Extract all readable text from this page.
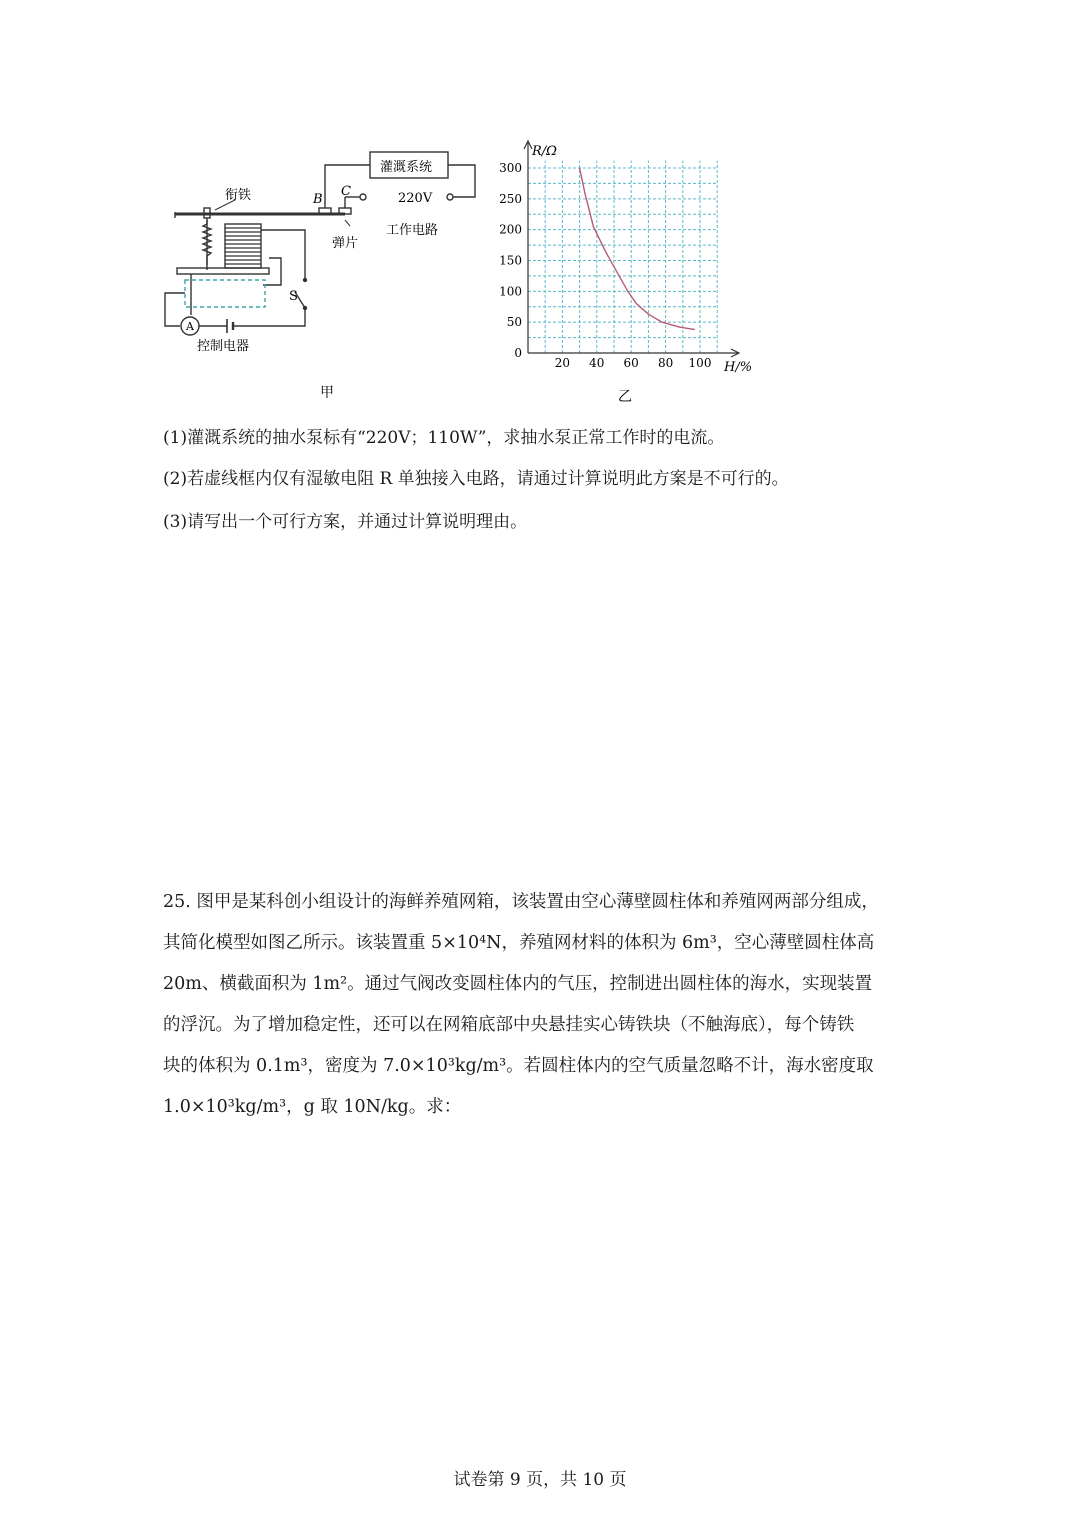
灌溉系统
220V
衔铁	B
C
弹片
工作电路
S
A
控制电器
甲
20 40 60 80 100
0
50
100
150
200
250
300
R/Ω
H/%
乙
(1)灌溉系统的抽水泵标有“220V；110W”，求抽水泵正常工作时的电流。
(2)若虚线框内仅有湿敏电阻 R 单独接入电路，请通过计算说明此方案是不可行的。
(3)请写出一个可行方案，并通过计算说明理由。
25. 图甲是某科创小组设计的海鲜养殖网箱，该装置由空心薄壁圆柱体和养殖网两部分组成，
其简化模型如图乙所示。该装置重 5×10⁴N，养殖网材料的体积为 6m³，空心薄壁圆柱体高
20m、横截面积为 1m²。通过气阀改变圆柱体内的气压，控制进出圆柱体的海水，实现装置
的浮沉。为了增加稳定性，还可以在网箱底部中央悬挂实心铸铁块（不触海底），每个铸铁
块的体积为 0.1m³，密度为 7.0×10³kg/m³。若圆柱体内的空气质量忽略不计，海水密度取
1.0×10³kg/m³，g 取 10N/kg。求：
试卷第 9 页，共 10 页
